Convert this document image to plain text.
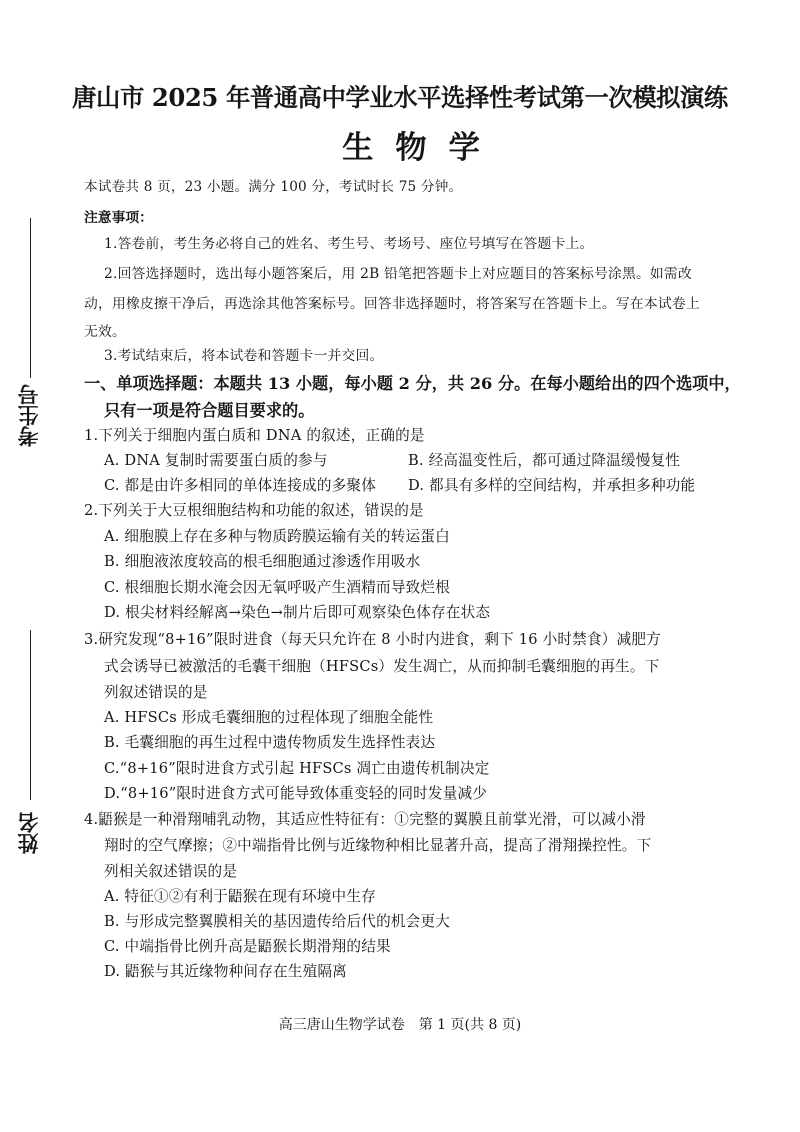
考生号
姓名
唐山市 2025 年普通高中学业水平选择性考试第一次模拟演练
生物学
本试卷共 8 页，23 小题。满分 100 分，考试时长 75 分钟。
注意事项：
1.答卷前，考生务必将自己的姓名、考生号、考场号、座位号填写在答题卡上。
2.回答选择题时，选出每小题答案后，用 2B 铅笔把答题卡上对应题目的答案标号涂黑。如需改
动，用橡皮擦干净后，再选涂其他答案标号。回答非选择题时，将答案写在答题卡上。写在本试卷上
无效。
3.考试结束后，将本试卷和答题卡一并交回。
一、单项选择题：本题共 13 小题，每小题 2 分，共 26 分。在每小题给出的四个选项中，
只有一项是符合题目要求的。
1.下列关于细胞内蛋白质和 DNA 的叙述，正确的是
A. DNA 复制时需要蛋白质的参与	B. 经高温变性后，都可通过降温缓慢复性
C. 都是由许多相同的单体连接成的多聚体 D. 都具有多样的空间结构，并承担多种功能
2.下列关于大豆根细胞结构和功能的叙述，错误的是
A. 细胞膜上存在多种与物质跨膜运输有关的转运蛋白
B. 细胞液浓度较高的根毛细胞通过渗透作用吸水
C. 根细胞长期水淹会因无氧呼吸产生酒精而导致烂根
D. 根尖材料经解离→染色→制片后即可观察染色体存在状态
3.研究发现“8+16”限时进食（每天只允许在 8 小时内进食，剩下 16 小时禁食）减肥方
式会诱导已被激活的毛囊干细胞（HFSCs）发生凋亡，从而抑制毛囊细胞的再生。下
列叙述错误的是
A. HFSCs 形成毛囊细胞的过程体现了细胞全能性
B. 毛囊细胞的再生过程中遗传物质发生选择性表达
C.“8+16”限时进食方式引起 HFSCs 凋亡由遗传机制决定
D.“8+16”限时进食方式可能导致体重变轻的同时发量减少
4.鼯猴是一种滑翔哺乳动物，其适应性特征有：①完整的翼膜且前掌光滑，可以减小滑
翔时的空气摩擦；②中端指骨比例与近缘物种相比显著升高，提高了滑翔操控性。下
列相关叙述错误的是
A. 特征①②有利于鼯猴在现有环境中生存
B. 与形成完整翼膜相关的基因遗传给后代的机会更大
C. 中端指骨比例升高是鼯猴长期滑翔的结果
D. 鼯猴与其近缘物种间存在生殖隔离
高三唐山生物学试卷　第 1 页(共 8 页)
